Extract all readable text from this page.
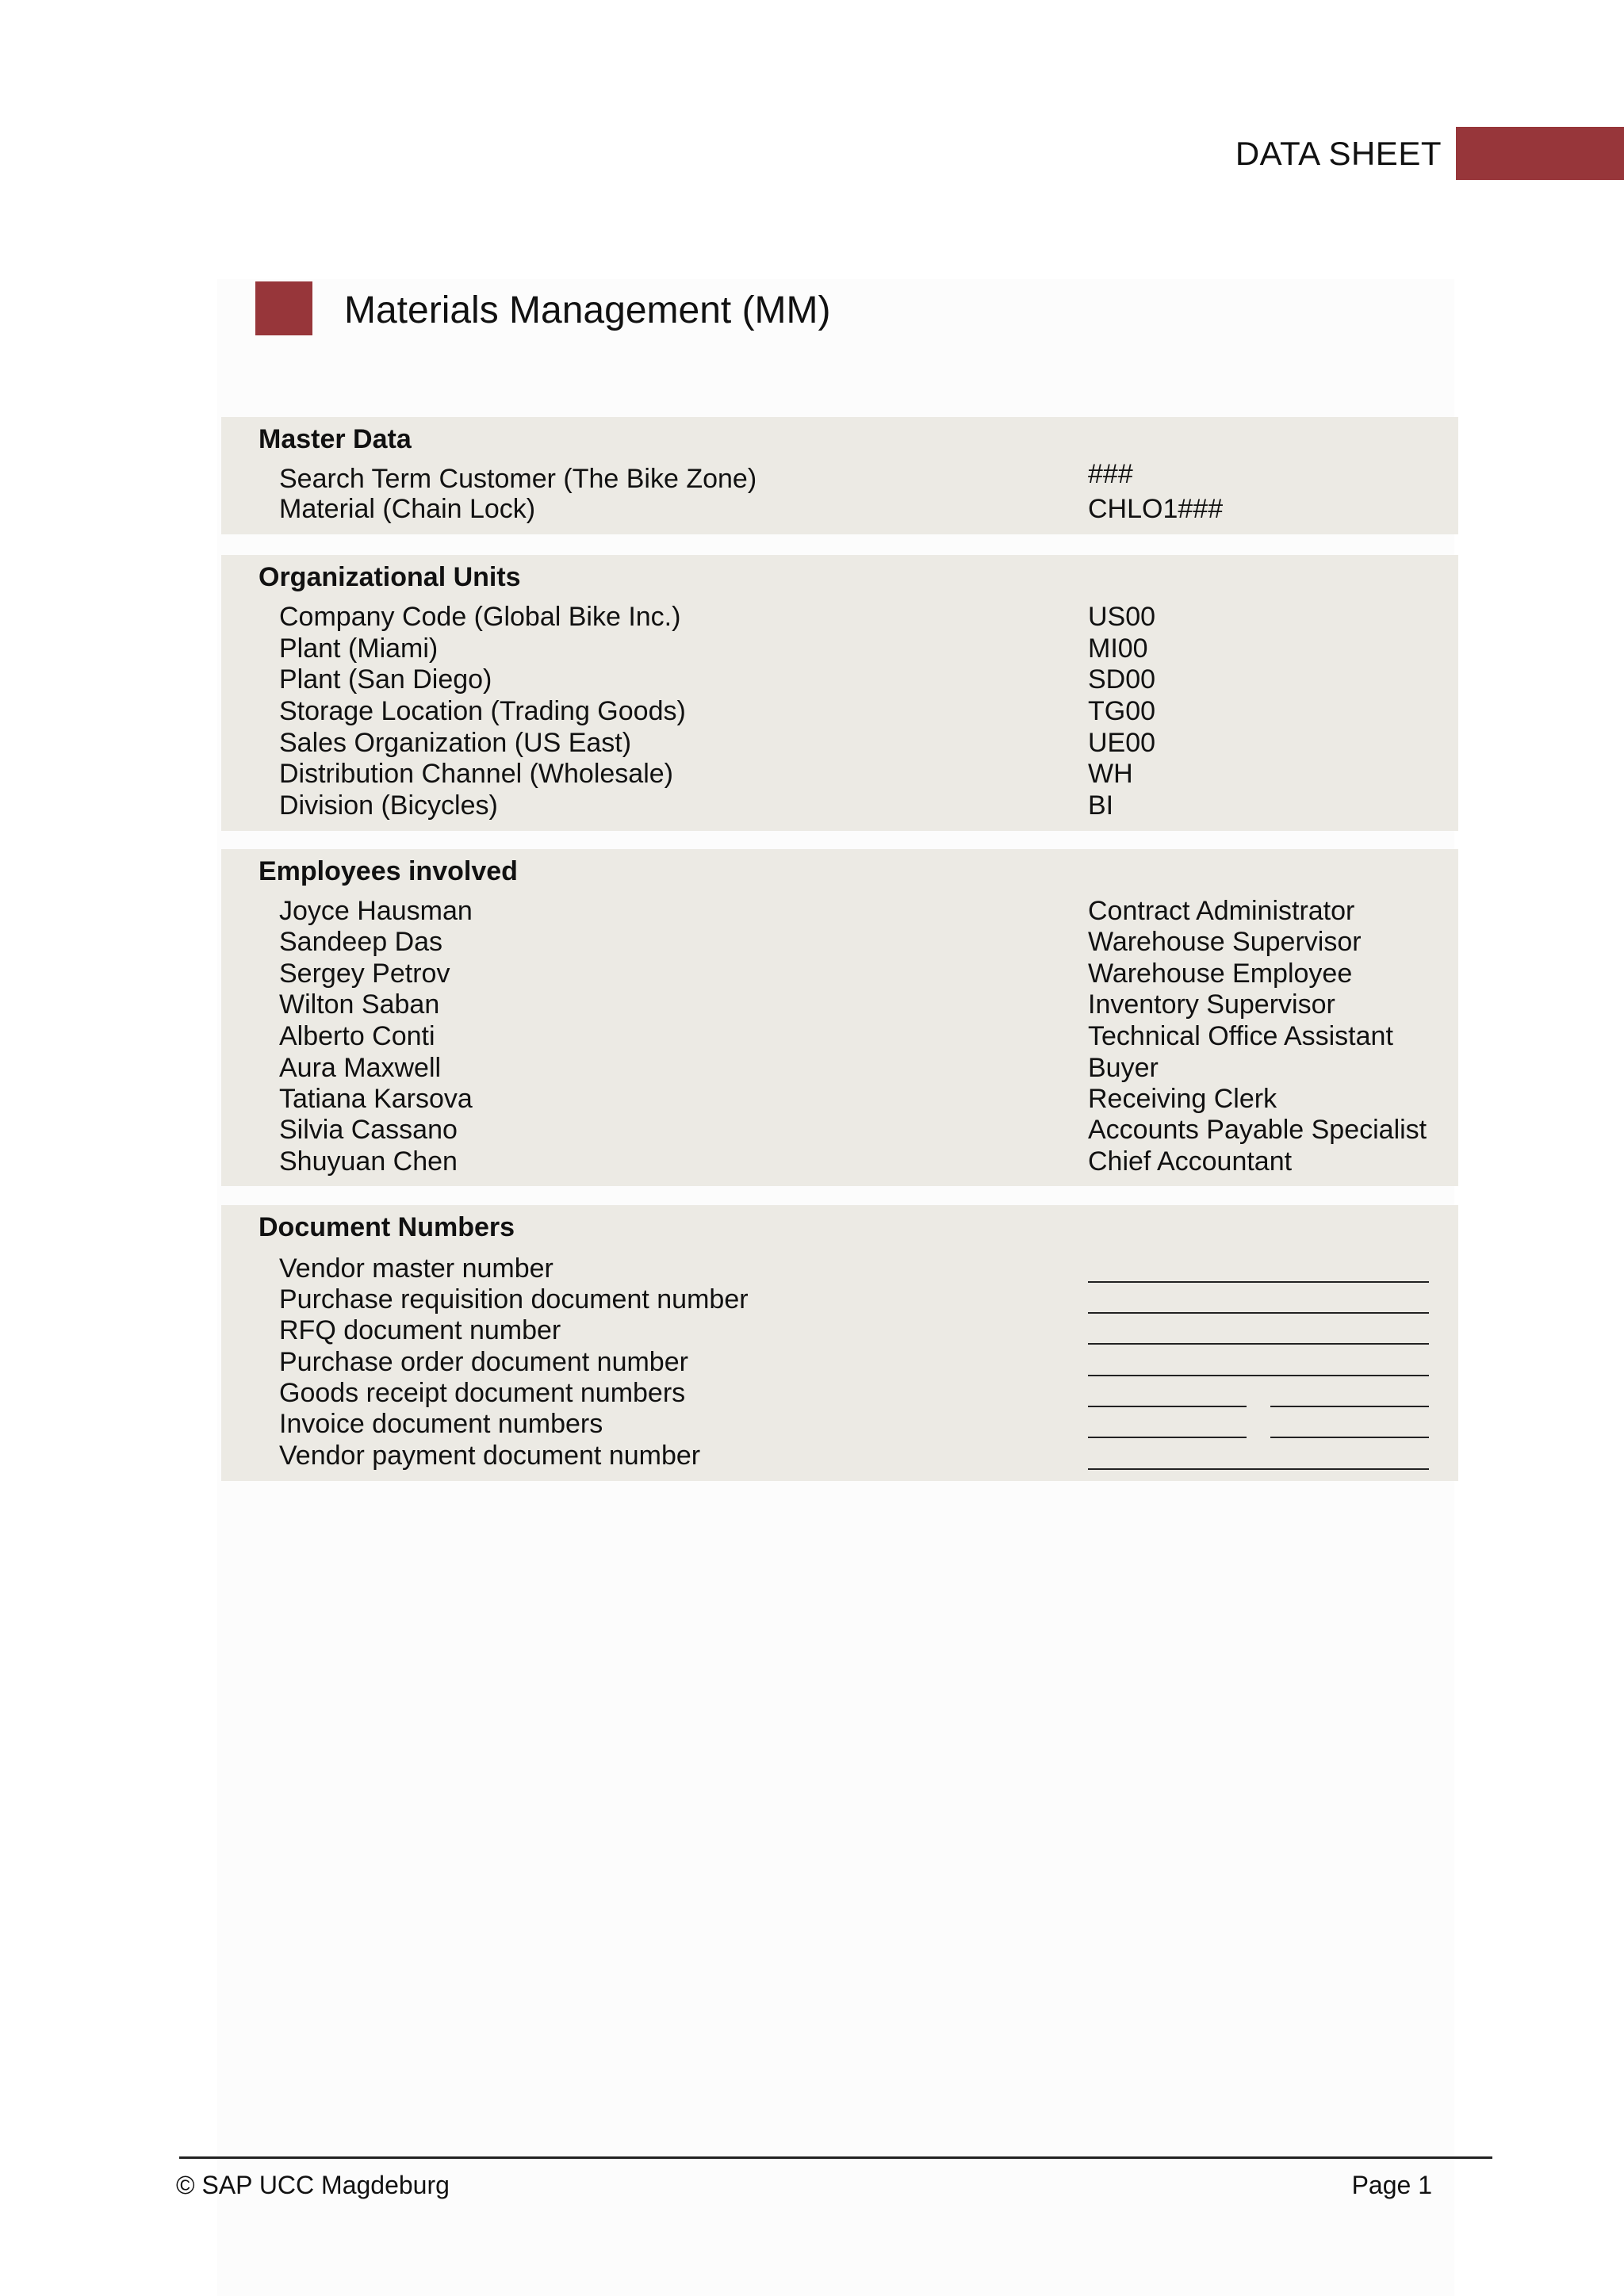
DATA SHEET
Materials Management (MM)
Master Data
Search Term Customer (The Bike Zone)	###
Material (Chain Lock)	CHLO1###
Organizational Units
Company Code (Global Bike Inc.)	US00
Plant (Miami)	MI00
Plant (San Diego)	SD00
Storage Location (Trading Goods)	TG00
Sales Organization (US East)	UE00
Distribution Channel (Wholesale)	WH
Division (Bicycles)	BI
Employees involved
Joyce Hausman	Contract Administrator
Sandeep Das	Warehouse Supervisor
Sergey Petrov	Warehouse Employee
Wilton Saban	Inventory Supervisor
Alberto Conti	Technical Office Assistant
Aura Maxwell	Buyer
Tatiana Karsova	Receiving Clerk
Silvia Cassano	Accounts Payable Specialist
Shuyuan Chen	Chief Accountant
Document Numbers
Vendor master number
Purchase requisition document number
RFQ document number
Purchase order document number
Goods receipt document numbers
Invoice document numbers
Vendor payment document number
© SAP UCC Magdeburg	Page 1
